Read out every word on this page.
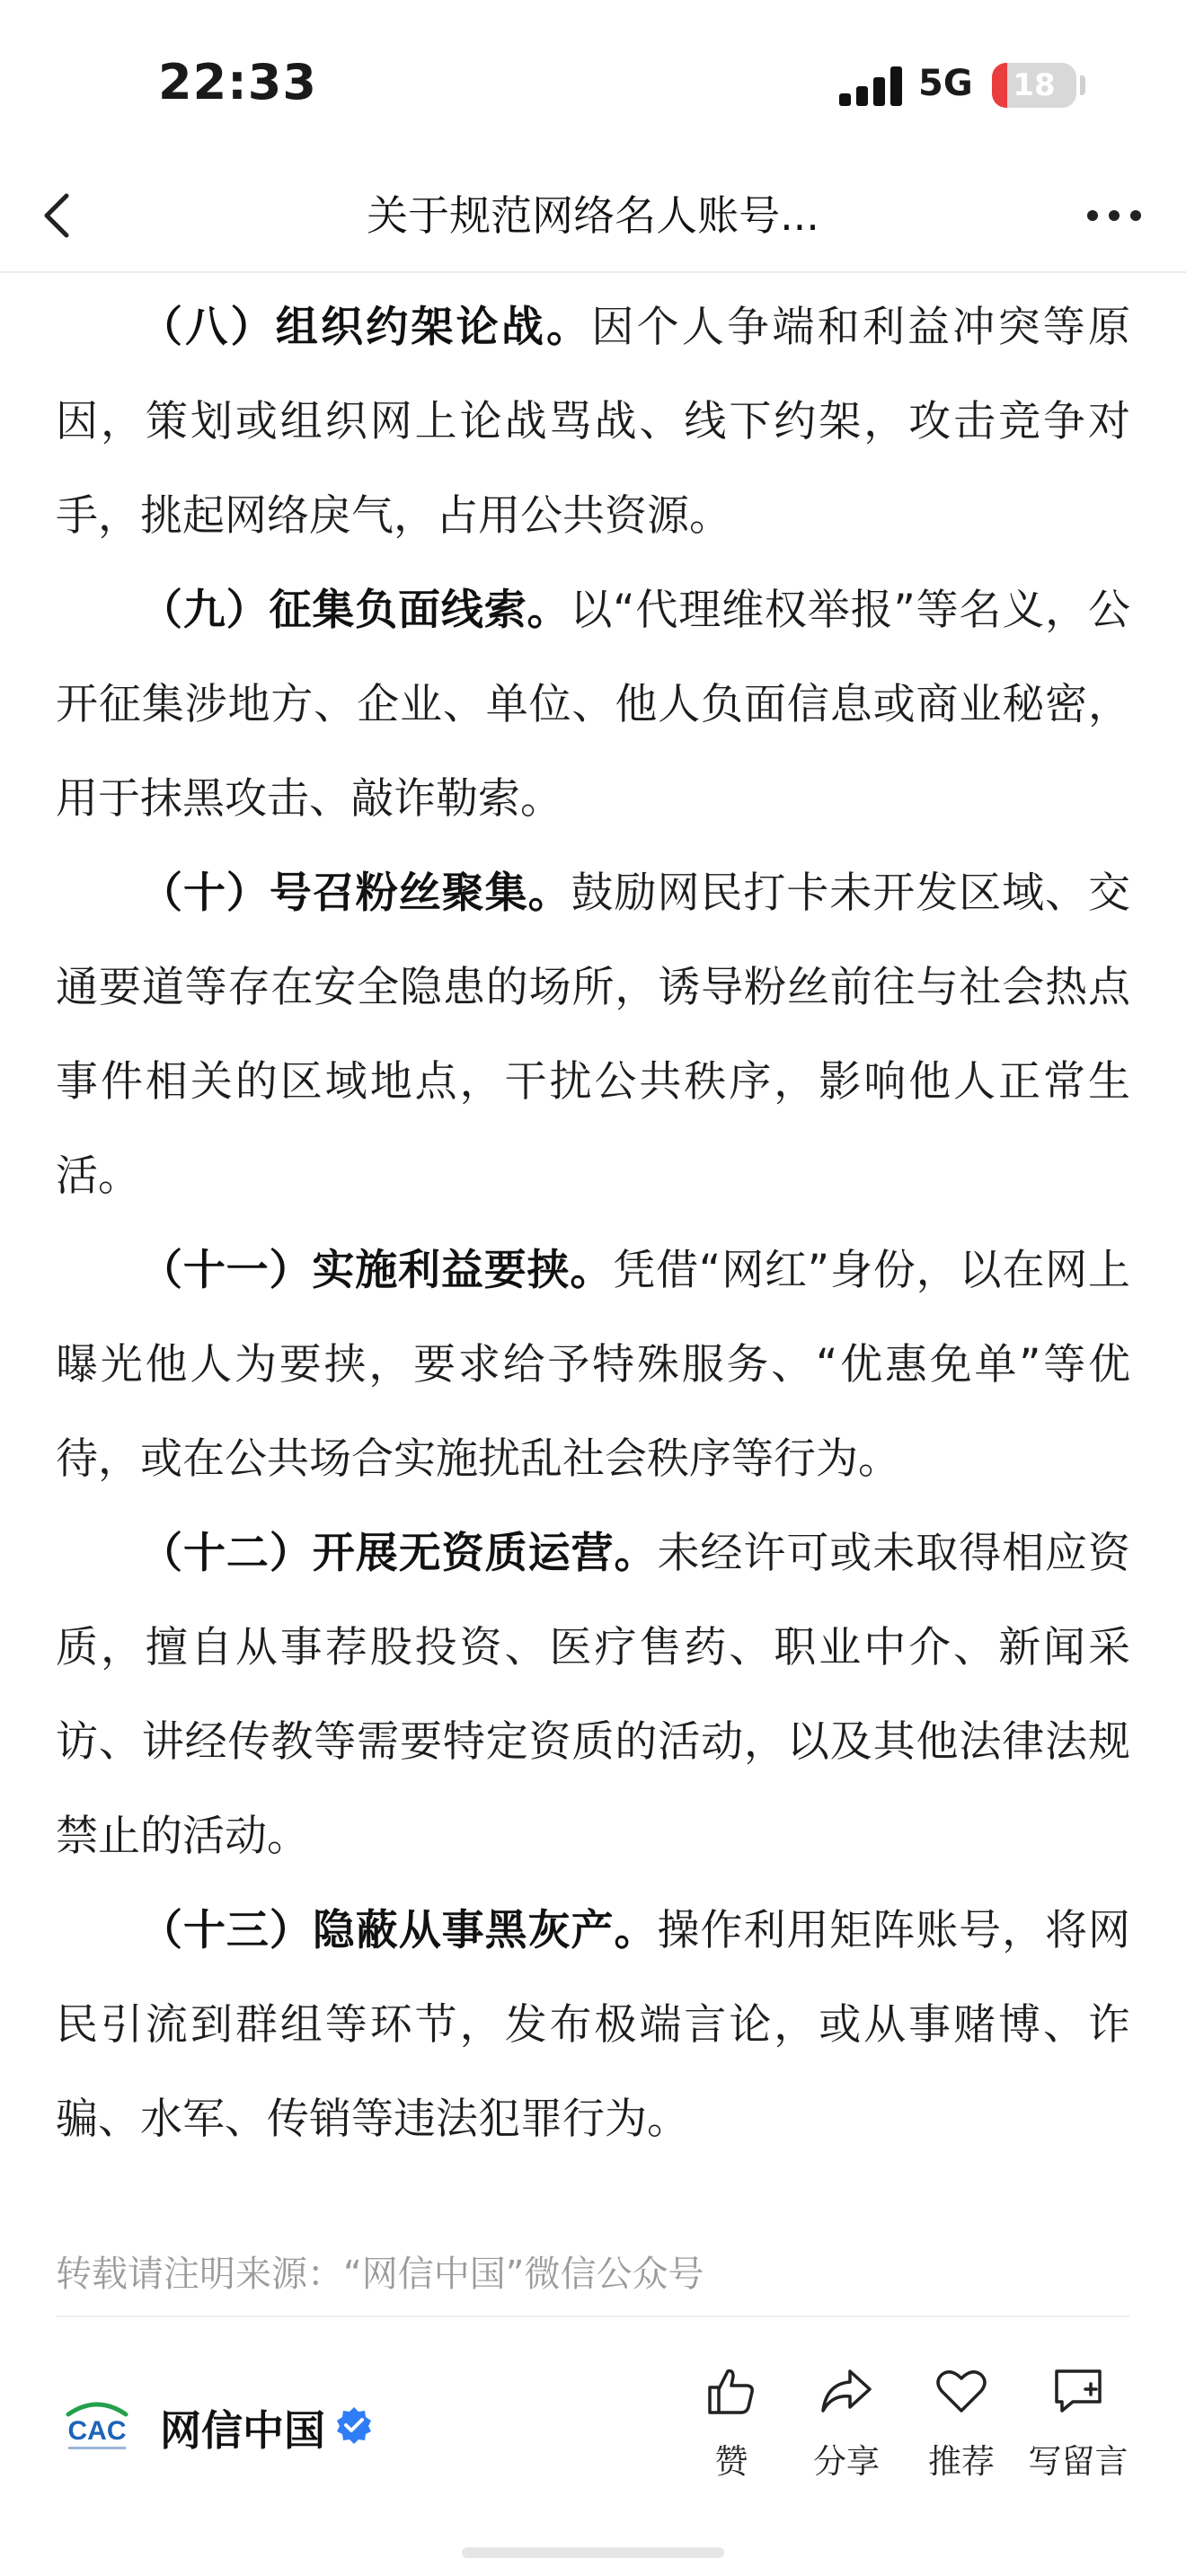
22:33	5G	18
关于规范网络名人账号...

（八）组织约架论战。因个人争端和利益冲突等原因，策划或组织网上论战骂战、线下约架，攻击竞争对手，挑起网络戾气，占用公共资源。

（九）征集负面线索。以“代理维权举报”等名义，公开征集涉地方、企业、单位、他人负面信息或商业秘密，用于抹黑攻击、敲诈勒索。

（十）号召粉丝聚集。鼓励网民打卡未开发区域、交通要道等存在安全隐患的场所，诱导粉丝前往与社会热点事件相关的区域地点，干扰公共秩序，影响他人正常生活。

（十一）实施利益要挟。凭借“网红”身份，以在网上曝光他人为要挟，要求给予特殊服务、“优惠免单”等优待，或在公共场合实施扰乱社会秩序等行为。

（十二）开展无资质运营。未经许可或未取得相应资质，擅自从事荐股投资、医疗售药、职业中介、新闻采访、讲经传教等需要特定资质的活动，以及其他法律法规禁止的活动。

（十三）隐蔽从事黑灰产。操作利用矩阵账号，将网民引流到群组等环节，发布极端言论，或从事赌博、诈骗、水军、传销等违法犯罪行为。

转载请注明来源：“网信中国”微信公众号
CAC 网信中国
赞	分享	推荐	写留言
